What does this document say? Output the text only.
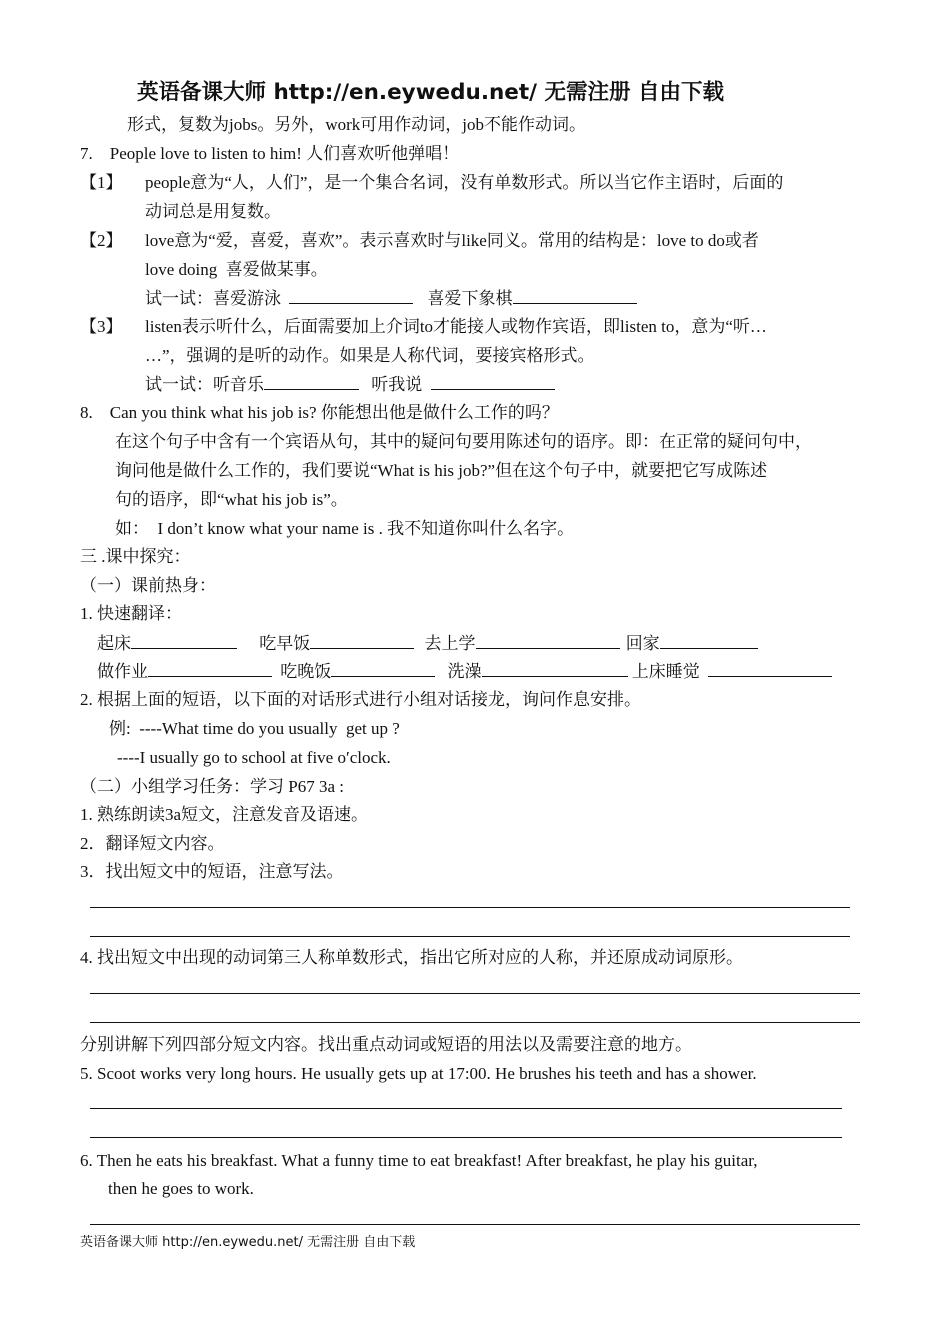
英语备课大师 http://en.eywedu.net/ 无需注册 自由下载
形式，复数为jobs。另外，work可用作动词，job不能作动词。
7.    People love to listen to him! 人们喜欢听他弹唱！
【1】 people意为“人，人们”，是一个集合名词，没有单数形式。所以当它作主语时，后面的
动词总是用复数。
【2】 love意为“爱，喜爱，喜欢”。表示喜欢时与like同义。常用的结构是：love to do或者
love doing  喜爱做某事。
试一试：喜爱游泳	喜爱下象棋
【3】 listen表示听什么，后面需要加上介词to才能接人或物作宾语，即listen to，意为“听…
…”，强调的是听的动作。如果是人称代词，要接宾格形式。
试一试：听音乐	听我说
8.    Can you think what his job is? 你能想出他是做什么工作的吗？
在这个句子中含有一个宾语从句，其中的疑问句要用陈述句的语序。即：在正常的疑问句中，
询问他是做什么工作的，我们要说“What is his job?”但在这个句子中，就要把它写成陈述
句的语序，即“what his job is”。
如：  I don’t know what your name is . 我不知道你叫什么名字。
三 .课中探究：
（一）课前热身：
1. 快速翻译：
起床	吃早饭	去上学	回家
做作业	吃晚饭	洗澡	上床睡觉
2. 根据上面的短语，以下面的对话形式进行小组对话接龙，询问作息安排。
例:  ----What time do you usually  get up ?
----I usually go to school at five o′clock.
（二）小组学习任务：学习 P67 3a :
1. 熟练朗读3a短文，注意发音及语速。
2．翻译短文内容。
3．找出短文中的短语，注意写法。
4. 找出短文中出现的动词第三人称单数形式，指出它所对应的人称，并还原成动词原形。
分别讲解下列四部分短文内容。找出重点动词或短语的用法以及需要注意的地方。
5. Scoot works very long hours. He usually gets up at 17:00. He brushes his teeth and has a shower.
6. Then he eats his breakfast. What a funny time to eat breakfast! After breakfast, he play his guitar,
then he goes to work.
英语备课大师 http://en.eywedu.net/ 无需注册 自由下载
